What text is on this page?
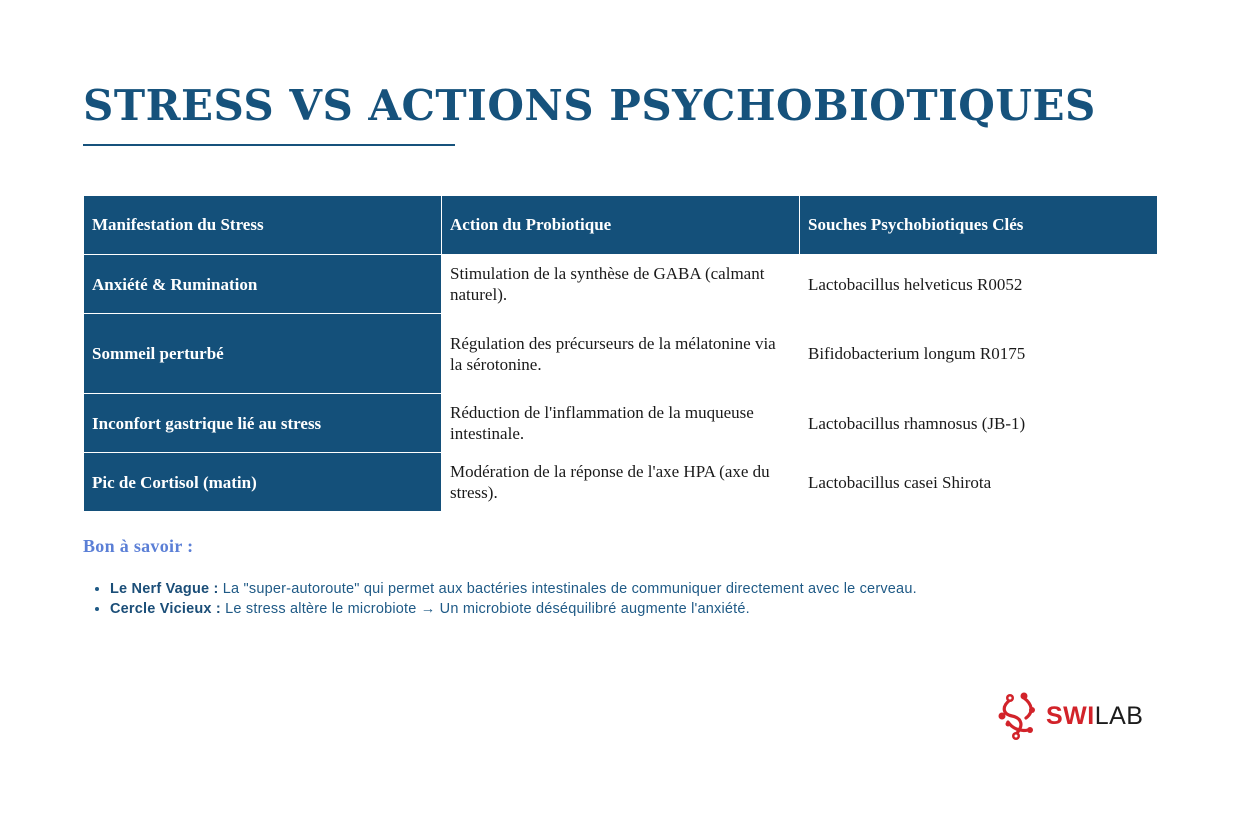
STRESS VS ACTIONS PSYCHOBIOTIQUES
Manifestation du Stress	Action du Probiotique	Souches Psychobiotiques Clés
Anxiété & Rumination	Stimulation de la synthèse de GABA (calmant naturel).	Lactobacillus helveticus R0052
Sommeil perturbé	Régulation des précurseurs de la mélatonine via la sérotonine.	Bifidobacterium longum R0175
Inconfort gastrique lié au stress	Réduction de l'inflammation de la muqueuse intestinale.	Lactobacillus rhamnosus (JB-1)
Pic de Cortisol (matin)	Modération de la réponse de l'axe HPA (axe du stress).	Lactobacillus casei Shirota
Bon à savoir :
• Le Nerf Vague : La "super-autoroute" qui permet aux bactéries intestinales de communiquer directement avec le cerveau.
• Cercle Vicieux : Le stress altère le microbiote → Un microbiote déséquilibré augmente l'anxiété.
SWILAB
